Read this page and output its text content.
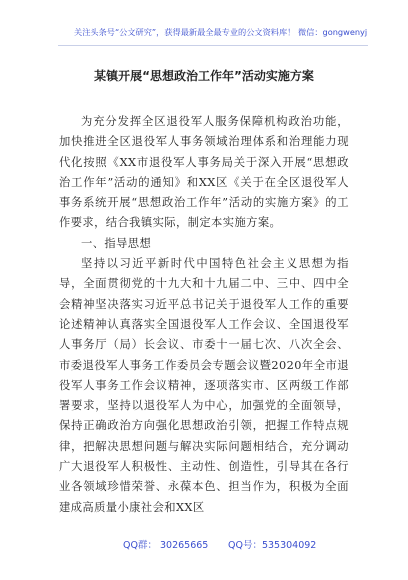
关注头条号“公文研究”，获得最新最全最专业的公文资料库！ 微信：gongwenyj
某镇开展“思想政治工作年”活动实施方案

为充分发挥全区退役军人服务保障机构政治功能，加快推进全区退役军人事务领域治理体系和治理能力现代化按照《XX市退役军人事务局关于深入开展“思想政治工作年”活动的通知》和XX区《关于在全区退役军人事务系统开展“思想政治工作年”活动的实施方案》的工作要求，结合我镇实际，制定本实施方案。

一、指导思想

坚持以习近平新时代中国特色社会主义思想为指导，全面贯彻党的十九大和十九届二中、三中、四中全会精神坚决落实习近平总书记关于退役军人工作的重要论述精神认真落实全国退役军人工作会议、全国退役军人事务厅（局）长会议、市委十一届七次、八次全会、市委退役军人事务工作委员会专题会议暨2020年全市退役军人事务工作会议精神，逐项落实市、区两级工作部署要求，坚持以退役军人为中心，加强党的全面领导，保持正确政治方向强化思想政治引领，把握工作特点规律，把解决思想问题与解决实际问题相结合，充分调动广大退役军人积极性、主动性、创造性，引导其在各行业各领域珍惜荣誉、永葆本色、担当作为，积极为全面建成高质量小康社会和XX区

QQ群： 30265665 QQ号：535304092
